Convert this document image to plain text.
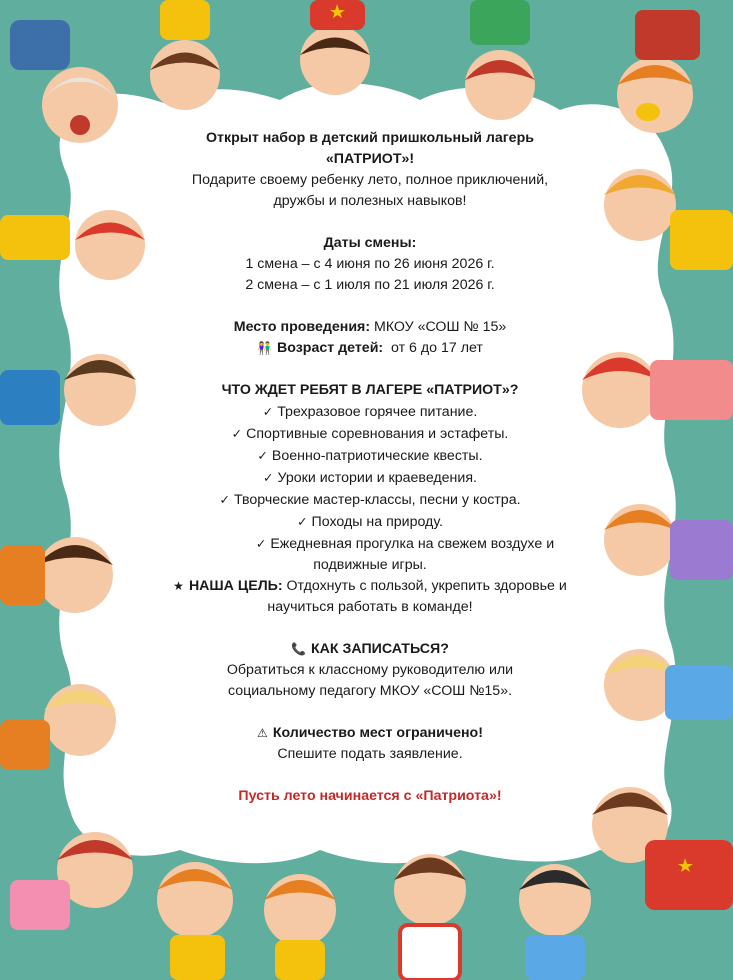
Открыт набор в детский пришкольный лагерь

«ПАТРИОТ»!

Подарите своему ребенку лето, полное приключений,

дружбы и полезных навыков!

Даты смены:

1 смена – с 4 июня по 26 июня 2026 г.

2 смена – с 1 июля по 21 июля 2026 г.

Место проведения: МКОУ «СОШ № 15»

👫 Возраст детей:  от 6 до 17 лет

ЧТО ЖДЕТ РЕБЯТ В ЛАГЕРЕ «ПАТРИОТ»?

✓ Трехразовое горячее питание.
✓ Спортивные соревнования и эстафеты.
✓ Военно-патриотические квесты.
✓ Уроки истории и краеведения.
✓ Творческие мастер-классы, песни у костра.
✓ Походы на природу.
✓ Ежедневная прогулка на свежем воздухе и
подвижные игры.

★ НАША ЦЕЛЬ: Отдохнуть с пользой, укрепить здоровье и

научиться работать в команде!

📞 КАК ЗАПИСАТЬСЯ?

Обратиться к классному руководителю или

социальному педагогу МКОУ «СОШ №15».

⚠ Количество мест ограничено!

Спешите подать заявление.

Пусть лето начинается с «Патриота»!
